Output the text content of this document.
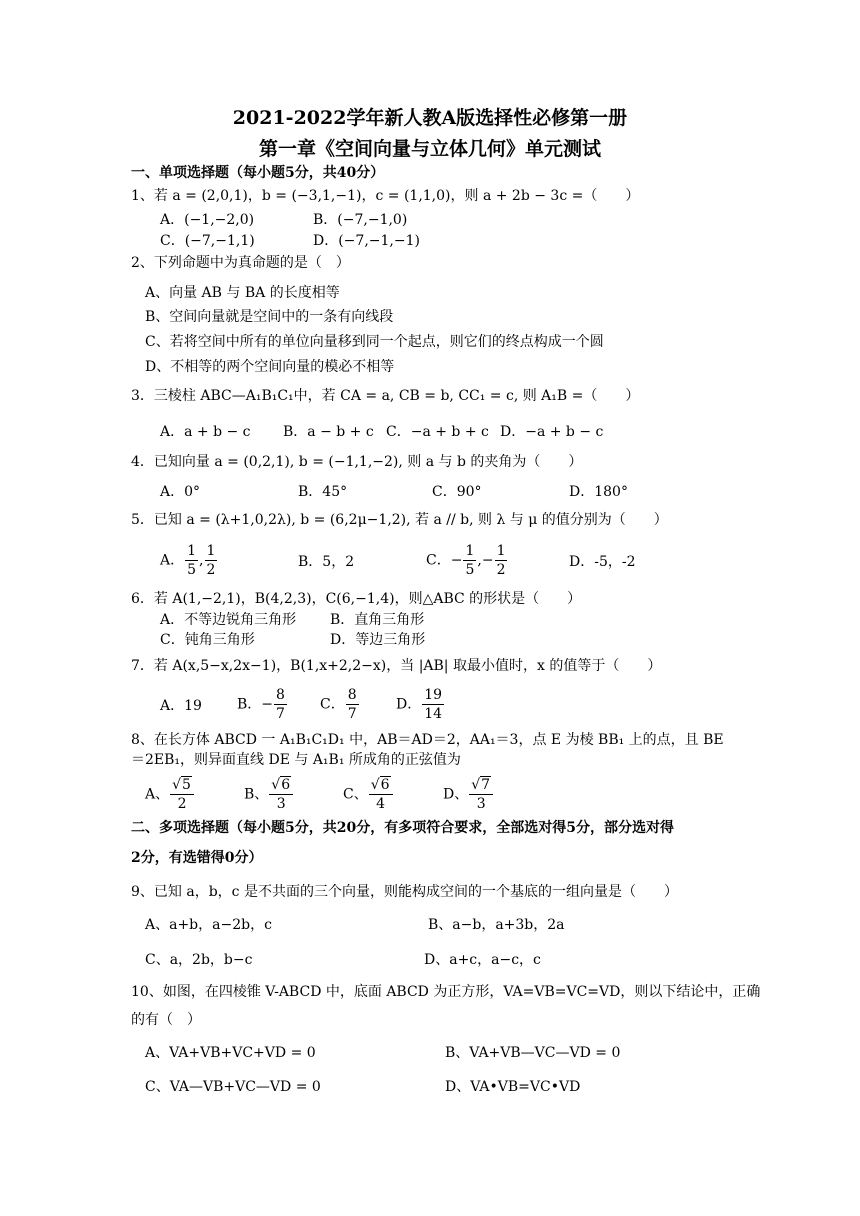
2021-2022学年新人教A版选择性必修第一册
第一章《空间向量与立体几何》单元测试
一、单项选择题（每小题5分，共40分）
1、若 a = (2,0,1)，b = (−3,1,−1)，c = (1,1,0)，则 a + 2b − 3c =（　　）
A．(−1,−2,0)	B．(−7,−1,0)
C．(−7,−1,1)	D．(−7,−1,−1)
2、下列命题中为真命题的是（　）
A、向量 AB 与 BA 的长度相等
B、空间向量就是空间中的一条有向线段
C、若将空间中所有的单位向量移到同一个起点，则它们的终点构成一个圆
D、不相等的两个空间向量的模必不相等
3．三棱柱 ABC—A₁B₁C₁中，若 CA = a, CB = b, CC₁ = c, 则 A₁B =（　　）
A．a + b − c B．a − b + c C．−a + b + c D．−a + b − c
4．已知向量 a = (0,2,1), b = (−1,1,−2), 则 a 与 b 的夹角为（　　）
A．0°	B．45°	C．90°	D．180°
5．已知 a = (λ+1,0,2λ), b = (6,2μ−1,2), 若 a // b, 则 λ 与 μ 的值分别为（　　）
A． $\frac{1}{5}$ , $\frac{1}{2}$	B．5，2	C．− $\frac{1}{5}$ ,− $\frac{1}{2}$	D．-5，-2
6．若 A(1,−2,1)，B(4,2,3)，C(6,−1,4)，则△ABC 的形状是（　　）
A．不等边锐角三角形 B．直角三角形
C．钝角三角形	D．等边三角形
7．若 A(x,5−x,2x−1)，B(1,x+2,2−x)，当 |AB| 取最小值时，x 的值等于（　　）
A．19	B．− $\frac{8}{7}$ C． $\frac{8}{7}$	D． $\frac{19}{14}$
8、在长方体 ABCD 一 A₁B₁C₁D₁ 中，AB＝AD＝2，AA₁＝3，点 E 为棱 BB₁ 上的点，且 BE
＝2EB₁，则异面直线 DE 与 A₁B₁ 所成角的正弦值为
A、 $\frac{√5}{2}$	B、 $\frac{√6}{3}$	C、 $\frac{√6}{4}$	D、 $\frac{√7}{3}$
二、多项选择题（每小题5分，共20分，有多项符合要求，全部选对得5分，部分选对得
2分，有选错得0分）
9、已知 a，b，c 是不共面的三个向量，则能构成空间的一个基底的一组向量是（　　）
A、a+b，a−2b，c	B、a−b，a+3b，2a
C、a，2b，b−c	D、a+c，a−c，c
10、如图，在四棱锥 V-ABCD 中，底面 ABCD 为正方形，VA=VB=VC=VD，则以下结论中，正确
的有（　）
A、VA+VB+VC+VD = 0	B、VA+VB—VC—VD = 0
C、VA—VB+VC—VD = 0	D、VA•VB=VC•VD
